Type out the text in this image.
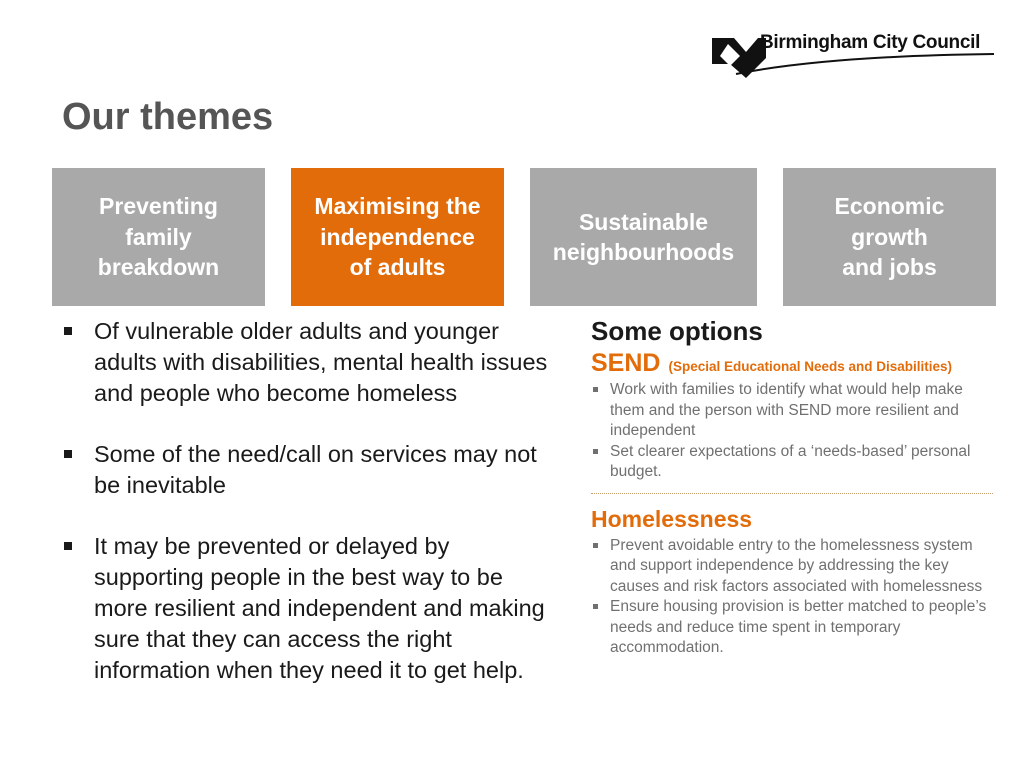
Birmingham City Council
Our themes
Preventing
family
breakdown
Maximising the
independence
of adults
Sustainable
neighbourhoods
Economic
growth
and jobs
Of vulnerable older adults and younger adults with disabilities, mental health issues and people who become homeless
Some of the need/call on services may not be inevitable
It may be prevented or delayed by supporting people in the best way to be more resilient and independent and making sure that they can access the right information when they need it to get help.
Some options
SEND (Special Educational Needs and Disabilities)
Work with families to identify what would help make them and the person with SEND more resilient and independent
Set clearer expectations of a ‘needs-based’ personal budget.
Homelessness
Prevent avoidable entry to the homelessness system and support independence by addressing the key causes and risk factors associated with homelessness
Ensure housing provision is better matched to people’s needs and reduce time spent in temporary accommodation.
